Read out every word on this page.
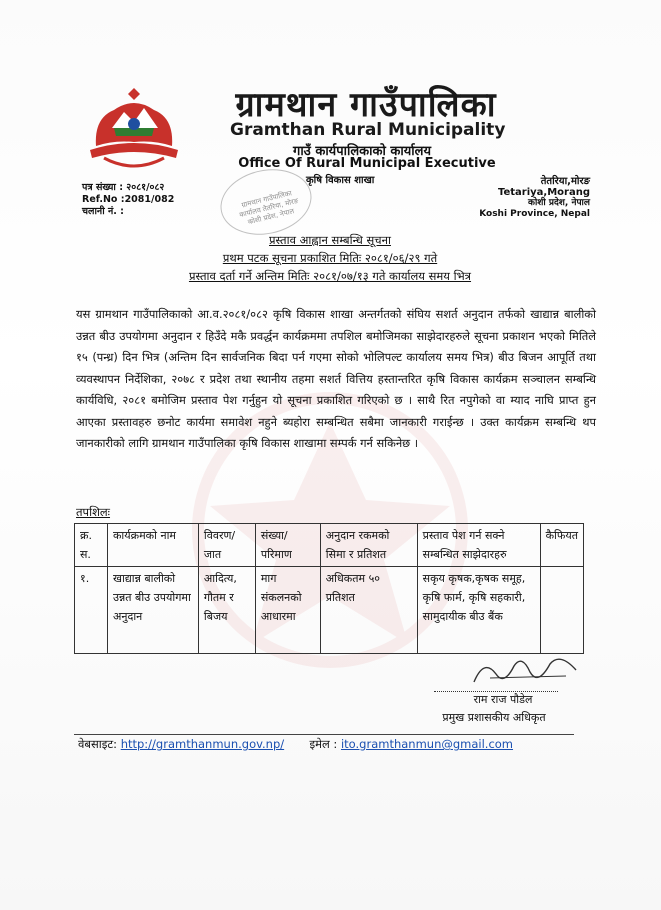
ग्रामथान गाउँपालिका
Gramthan Rural Municipality
गाउँ कार्यपालिकाको कार्यालय
Office Of Rural Municipal Executive
कृषि विकास शाखा
पत्र संख्या : २०८१/०८२
Ref.No :2081/082
चलानी नं. :
ग्रामथान गाउँपालिका कार्यालय तेतरिया, मोरङ कोशी प्रदेश, नेपाल
तेतरिया,मोरङ
Tetariya,Morang
कोशी प्रदेश, नेपाल
Koshi Province, Nepal
प्रस्ताव आह्वान सम्बन्धि सूचना
प्रथम पटक सूचना प्रकाशित मितिः २०८१/०६/२९ गते
प्रस्ताव दर्ता गर्ने अन्तिम मितिः २०८१/०७/१३ गते कार्यालय समय भित्र
यस ग्रामथान गाउँपालिकाको आ.व.२०८१/०८२ कृषि विकास शाखा अन्तर्गतको संघिय सशर्त अनुदान तर्फको खाद्यान्न बालीको उन्नत बीउ उपयोगमा अनुदान र हिउँदे मकै प्रवर्द्धन कार्यक्रममा तपशिल बमोजिमका साझेदारहरुले सूचना प्रकाशन भएको मितिले १५ (पन्ध्र) दिन भित्र (अन्तिम दिन सार्वजनिक बिदा पर्न गएमा सोको भोलिपल्ट कार्यालय समय भित्र) बीउ बिजन आपूर्ति तथा व्यवस्थापन निर्देशिका, २०७८ र प्रदेश तथा स्थानीय तहमा सशर्त वित्तिय हस्तान्तरित कृषि विकास कार्यक्रम सञ्चालन सम्बन्धि कार्यविधि, २०८१ बमोजिम प्रस्ताव पेश गर्नुहुन यो सूचना प्रकाशित गरिएको छ । साथै रित नपुगेको वा म्याद नाघि प्राप्त हुन आएका प्रस्तावहरु छनोट कार्यमा समावेश नहुने ब्यहोरा सम्बन्धित सबैमा जानकारी गराईन्छ । उक्त कार्यक्रम सम्बन्धि थप जानकारीको लागि ग्रामथान गाउँपालिका कृषि विकास शाखामा सम्पर्क गर्न सकिनेछ ।
तपशिलः
क्र. स.	कार्यक्रमको नाम	विवरण/ जात	संख्या/ परिमाण	अनुदान रकमको सिमा र प्रतिशत	प्रस्ताव पेश गर्न सक्ने सम्बन्धित साझेदारहरु	कैफियत
१.	खाद्यान्न बालीको उन्नत बीउ उपयोगमा अनुदान	आदित्य, गौतम र बिजय	माग संकलनको आधारमा	अधिकतम ५० प्रतिशत	सकृय कृषक,कृषक समूह, कृषि फार्म, कृषि सहकारी, सामुदायीक बीउ बैंक	
राम राज पौडेल
प्रमुख प्रशासकीय अधिकृत
वेबसाइट: http://gramthanmun.gov.np/ इमेल : ito.gramthanmun@gmail.com
